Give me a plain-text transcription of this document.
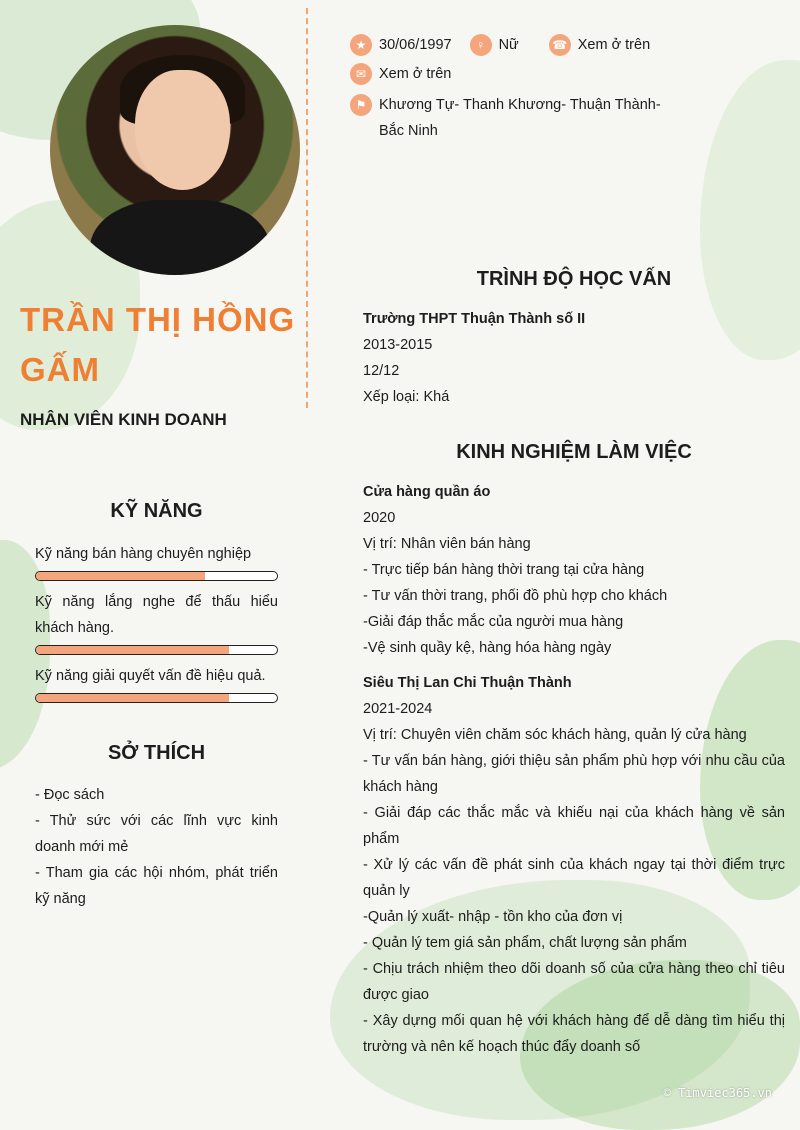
TRẦN THỊ HỒNG GẤM
NHÂN VIÊN KINH DOANH
★ 30/06/1997	♀ Nữ	☎ Xem ở trên
✉ Xem ở trên
⚑ Khương Tự- Thanh Khương- Thuận Thành- Bắc Ninh
KỸ NĂNG
Kỹ năng bán hàng chuyên nghiệp
Kỹ năng lắng nghe để thấu hiểu khách hàng.
Kỹ năng giải quyết vấn đề hiệu quả.
SỞ THÍCH
- Đọc sách
- Thử sức với các lĩnh vực kinh doanh mới mẻ
- Tham gia các hội nhóm, phát triển kỹ năng
TRÌNH ĐỘ HỌC VẤN
Trường THPT Thuận Thành số II
2013-2015
12/12
Xếp loại: Khá
KINH NGHIỆM LÀM VIỆC
Cửa hàng quần áo
2020
Vị trí: Nhân viên bán hàng
- Trực tiếp bán hàng thời trang tại cửa hàng
- Tư vấn thời trang, phối đồ phù hợp cho khách
-Giải đáp thắc mắc của người mua hàng
-Vệ sinh quầy kệ, hàng hóa hàng ngày
Siêu Thị Lan Chi Thuận Thành
2021-2024
Vị trí: Chuyên viên chăm sóc khách hàng, quản lý cửa hàng
- Tư vấn bán hàng, giới thiệu sản phẩm phù hợp với nhu cầu của khách hàng
- Giải đáp các thắc mắc và khiếu nại của khách hàng về sản phẩm
- Xử lý các vấn đề phát sinh của khách ngay tại thời điểm trực quản ly
-Quản lý xuất- nhập - tồn kho của đơn vị
- Quản lý tem giá sản phẩm, chất lượng sản phẩm
- Chịu trách nhiệm theo dõi doanh số của cửa hàng theo chỉ tiêu được giao
- Xây dựng mối quan hệ với khách hàng để dễ dàng tìm hiểu thị trường và nên kế hoạch thúc đẩy doanh số
© Timviec365.vn
